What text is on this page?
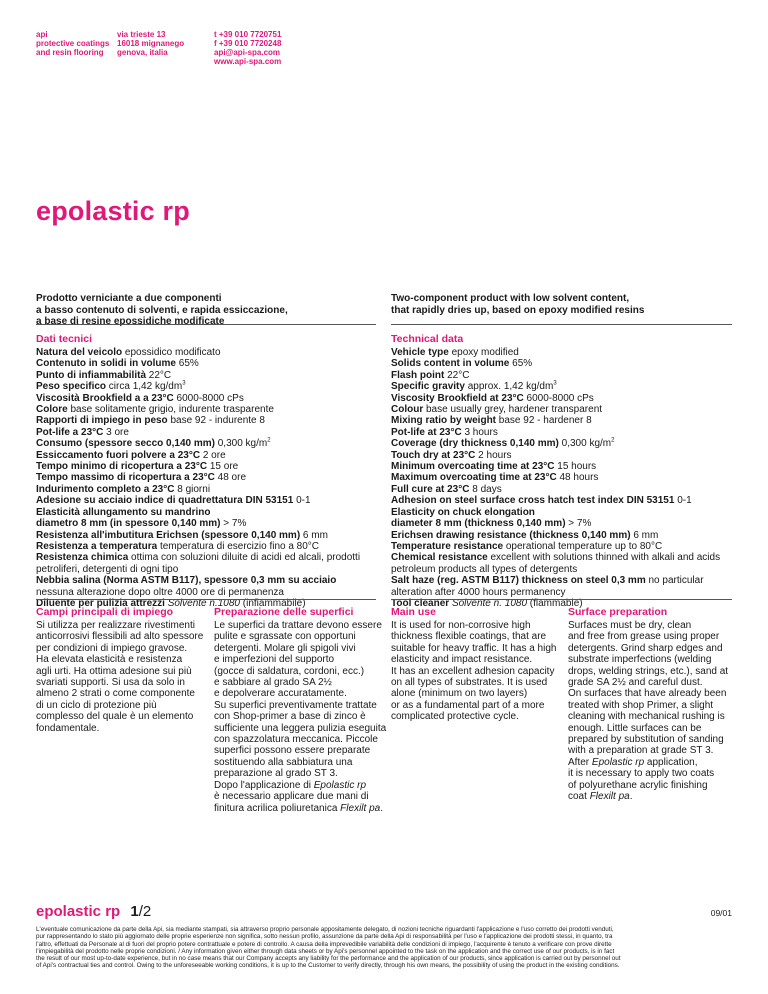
api
protective coatings
and resin flooring
via trieste 13
16018 mignanego
genova, italia
t +39 010 7720751
f +39 010 7720248
api@api-spa.com
www.api-spa.com
epolastic rp
Prodotto verniciante a due componenti
a basso contenuto di solventi, e rapida essiccazione,
a base di resine epossidiche modificate
Two-component product with low solvent content,
that rapidly dries up, based on epoxy modified resins
Dati tecnici
Natura del veicolo epossidico modificato
Contenuto in solidi in volume 65%
Punto di infiammabilità 22°C
Peso specifico circa 1,42 $kg/dm^3$
Viscosità Brookfield a a 23°C 6000-8000 cPs
Colore base solitamente grigio, indurente trasparente
Rapporti di impiego in peso base 92 - indurente 8
Pot-life a 23°C 3 ore
Consumo (spessore secco 0,140 mm) 0,300 $kg/m^2$
Essiccamento fuori polvere a 23°C 2 ore
Tempo minimo di ricopertura a 23°C 15 ore
Tempo massimo di ricopertura a 23°C 48 ore
Indurimento completo a 23°C 8 giorni
Adesione su acciaio indice di quadrettatura DIN 53151 0-1
Elasticità allungamento su mandrino
diametro 8 mm (in spessore 0,140 mm) > 7%
Resistenza all'imbutitura Erichsen (spessore 0,140 mm) 6 mm
Resistenza a temperatura temperatura di esercizio fino a 80°C
Resistenza chimica ottima con soluzioni diluite di acidi ed alcali, prodotti
petroliferi, detergenti di ogni tipo
Nebbia salina (Norma ASTM B117), spessore 0,3 mm su acciaio
nessuna alterazione dopo oltre 4000 ore di permanenza
Diluente per pulizia attrezzi Solvente n.1080 (infiammabile)
Technical data
Vehicle type epoxy modified
Solids content in volume 65%
Flash point 22°C
Specific gravity approx. 1,42 $kg/dm^3$
Viscosity Brookfield at 23°C 6000-8000 cPs
Colour base usually grey, hardener transparent
Mixing ratio by weight base 92 - hardener 8
Pot-life at 23°C 3 hours
Coverage (dry thickness 0,140 mm) 0,300 $kg/m^2$
Touch dry at 23°C 2 hours
Minimum overcoating time at 23°C 15 hours
Maximum overcoating time at 23°C 48 hours
Full cure at 23°C 8 days
Adhesion on steel surface cross hatch test index DIN 53151 0-1
Elasticity on chuck elongation
diameter 8 mm (thickness 0,140 mm) > 7%
Erichsen drawing resistance (thickness 0,140 mm) 6 mm
Temperature resistance operational temperature up to 80°C
Chemical resistance excellent with solutions thinned with alkali and acids
petroleum products all types of detergents
Salt haze (reg. ASTM B117) thickness on steel 0,3 mm no particular
alteration after 4000 hours permanency
Tool cleaner Solvente n. 1080 (flammable)
Campi principali di impiego
Si utilizza per realizzare rivestimenti
anticorrosivi flessibili ad alto spessore
per condizioni di impiego gravose.
Ha elevata elasticità e resistenza
agli urti. Ha ottima adesione sui più
svariati supporti. Si usa da solo in
almeno 2 strati o come componente
di un ciclo di protezione più
complesso del quale è un elemento
fondamentale.
Preparazione delle superfici
Le superfici da trattare devono essere
pulite e sgrassate con opportuni
detergenti. Molare gli spigoli vivi
e imperfezioni del supporto
(gocce di saldatura, cordoni, ecc.)
e sabbiare al grado SA 2½
e depolverare accuratamente.
Su superfici preventivamente trattate
con Shop-primer a base di zinco è
sufficiente una leggera pulizia eseguita
con spazzolatura meccanica. Piccole
superfici possono essere preparate
sostituendo alla sabbiatura una
preparazione al grado ST 3.
Dopo l'applicazione di Epolastic rp
è necessario applicare due mani di
finitura acrilica poliuretanica Flexilt pa.
Main use
It is used for non-corrosive high
thickness flexible coatings, that are
suitable for heavy traffic. It has a high
elasticity and impact resistance.
It has an excellent adhesion capacity
on all types of substrates. It is used
alone (minimum on two layers)
or as a fundamental part of a more
complicated protective cycle.
Surface preparation
Surfaces must be dry, clean
and free from grease using proper
detergents. Grind sharp edges and
substrate imperfections (welding
drops, welding strings, etc.), sand at
grade SA 2½ and careful dust.
On surfaces that have already been
treated with shop Primer, a slight
cleaning with mechanical rushing is
enough. Little surfaces can be
prepared by substitution of sanding
with a preparation at grade ST 3.
After Epolastic rp application,
it is necessary to apply two coats
of polyurethane acrylic finishing
coat Flexilt pa.
epolastic rp 1/2	09/01
L'eventuale comunicazione da parte della Api, sia mediante stampati, sia attraverso proprio personale appositamente delegato, di nozioni tecniche riguardanti l'applicazione e l'uso corretto dei prodotti venduti,
pur rappresentando lo stato più aggiornato delle proprie esperienze non significa, sotto nessun profilo, assunzione da parte della Api di responsabilità per l'uso e l'applicazione dei prodotti stessi, in quanto, tra
l'altro, effettuati da Personale al di fuori del proprio potere contrattuale e potere di controllo. A causa della imprevedibile variabilità delle condizioni di impiego, l'acquirente è tenuto a verificare con prove dirette
l'impiegabilità del prodotto nelle proprie condizioni. / Any information given either through data sheets or by Api's personnel appointed to the task on the application and the correct use of our products, is in fact
the result of our most up-to-date experience, but in no case means that our Company accepts any liability for the performance and the application of our products, since application is carried out by personnel out
of Api's contractual ties and control. Owing to the unforeseeable working conditions, it is up to the Customer to verify directly, through his own means, the possibility of using the product in the existing conditions.
